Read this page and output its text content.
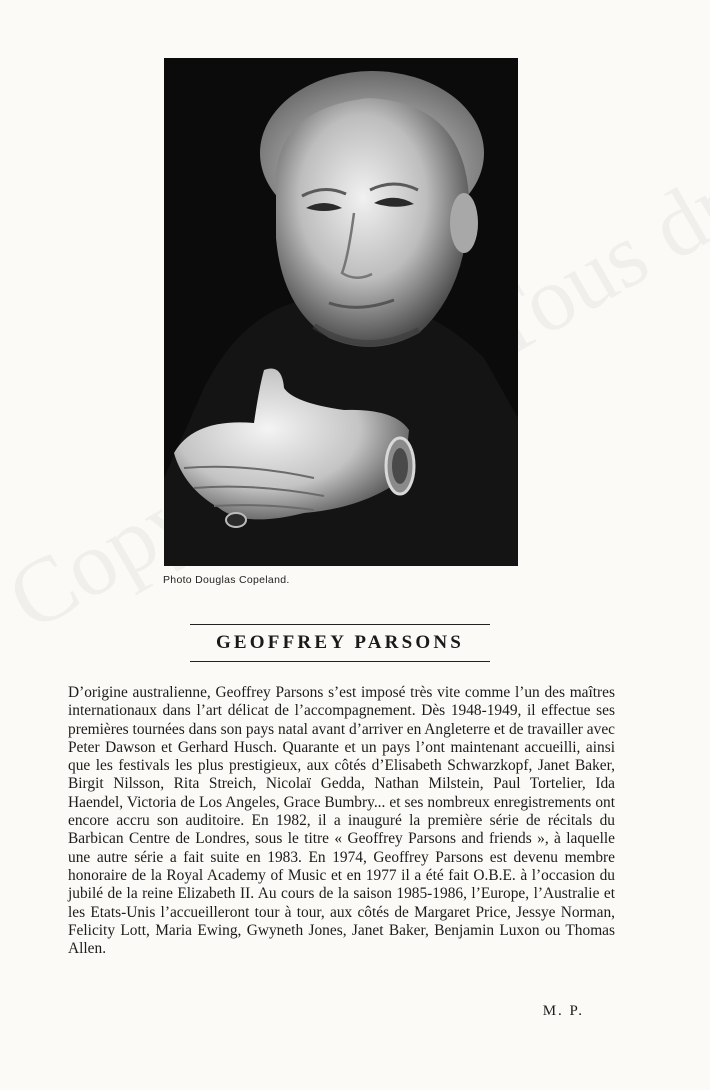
Photo Douglas Copeland.
GEOFFREY PARSONS
D’origine australienne, Geoffrey Parsons s’est imposé très vite comme l’un des maîtres internationaux dans l’art délicat de l’accompagnement. Dès 1948-1949, il effectue ses premières tournées dans son pays natal avant d’arriver en Angleterre et de travailler avec Peter Dawson et Gerhard Husch. Quarante et un pays l’ont maintenant accueilli, ainsi que les festivals les plus prestigieux, aux côtés d’Elisabeth Schwarzkopf, Janet Baker, Birgit Nilsson, Rita Streich, Nicolaï Gedda, Nathan Milstein, Paul Tortelier, Ida Haendel, Victoria de Los Angeles, Grace Bumbry... et ses nombreux enregistrements ont encore accru son auditoire. En 1982, il a inauguré la première série de récitals du Barbican Centre de Londres, sous le titre « Geoffrey Parsons and friends », à laquelle une autre série a fait suite en 1983. En 1974, Geoffrey Parsons est devenu membre honoraire de la Royal Academy of Music et en 1977 il a été fait O.B.E. à l’occasion du jubilé de la reine Elizabeth II. Au cours de la saison 1985-1986, l’Europe, l’Australie et les Etats-Unis l’accueilleront tour à tour, aux côtés de Margaret Price, Jessye Norman, Felicity Lott, Maria Ewing, Gwyneth Jones, Janet Baker, Benjamin Luxon ou Thomas Allen.
M. P.
